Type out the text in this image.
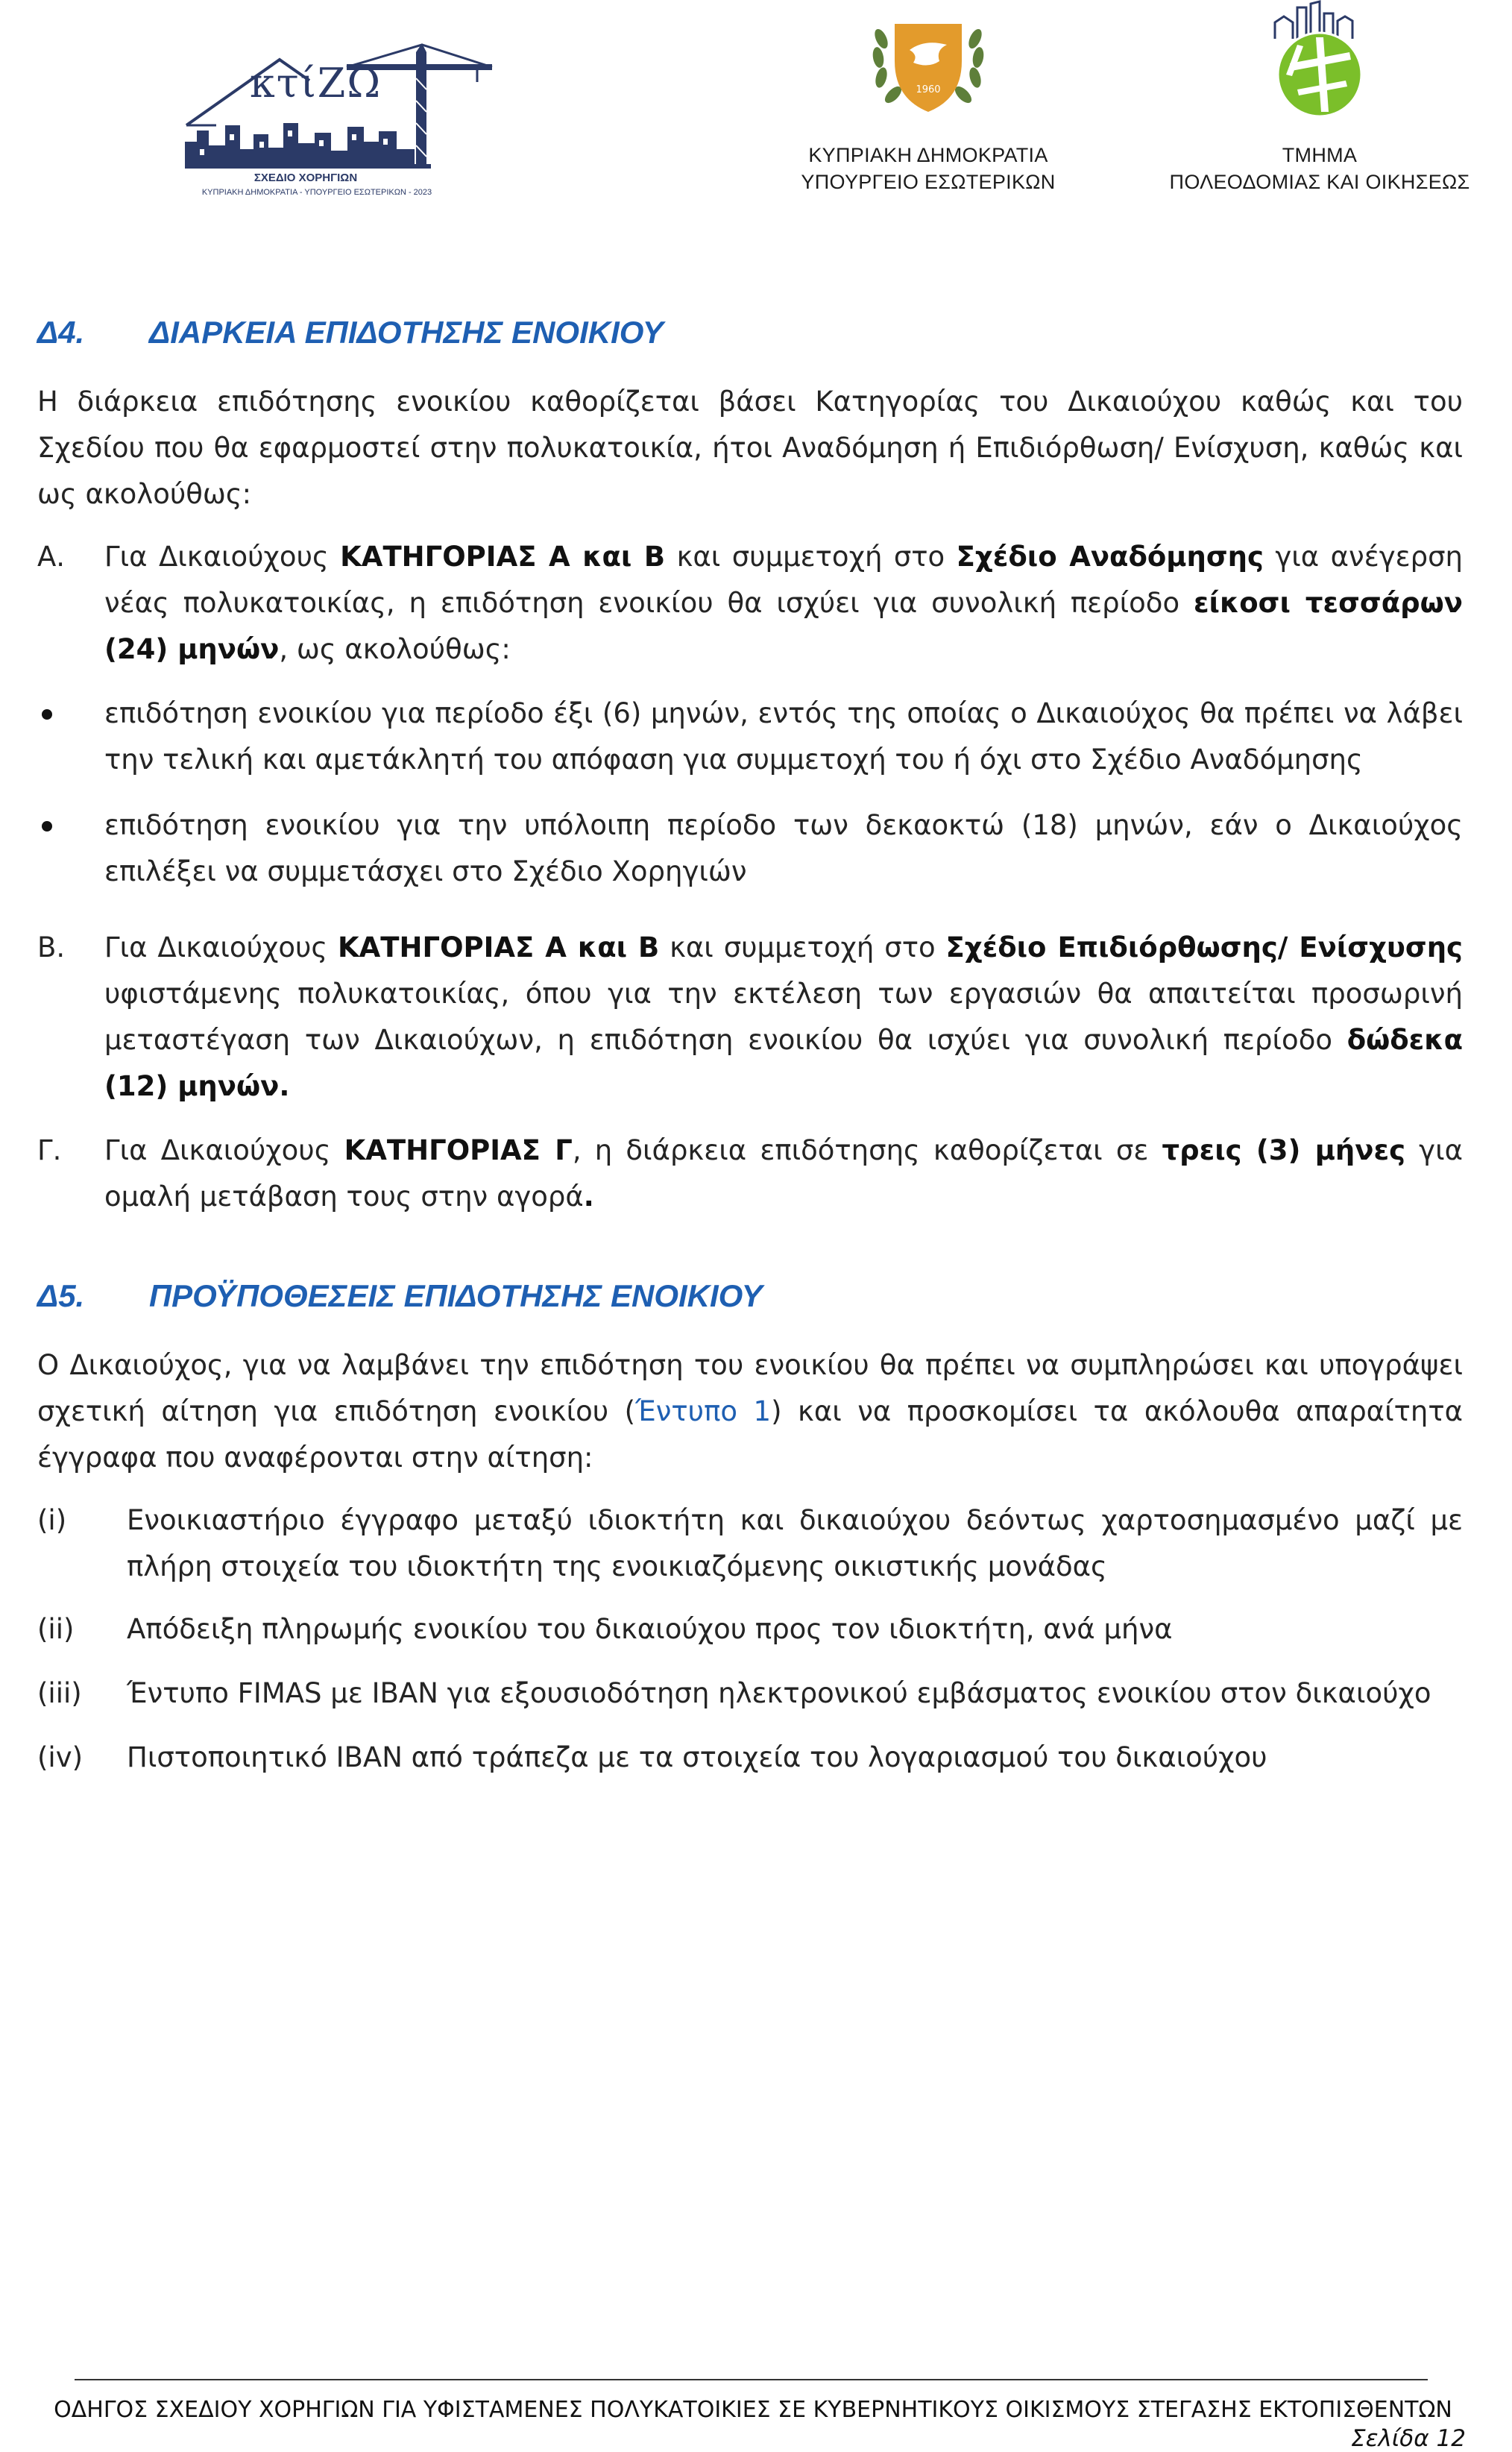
κτίΖΩ
ΣΧΕΔΙΟ ΧΟΡΗΓΙΩΝ
ΚΥΠΡΙΑΚΗ ΔΗΜΟΚΡΑΤΙΑ - ΥΠΟΥΡΓΕΙΟ ΕΣΩΤΕΡΙΚΩΝ - 2023
1960
ΚΥΠΡΙΑΚΗ ΔΗΜΟΚΡΑΤΙΑ
ΥΠΟΥΡΓΕΙΟ ΕΣΩΤΕΡΙΚΩΝ
ΤΜΗΜΑ
ΠΟΛΕΟΔΟΜΙΑΣ ΚΑΙ ΟΙΚΗΣΕΩΣ
Δ4. ΔΙΑΡΚΕΙΑ ΕΠΙΔΟΤΗΣΗΣ ΕΝΟΙΚΙΟΥ
Η διάρκεια επιδότησης ενοικίου καθορίζεται βάσει Κατηγορίας του Δικαιούχου καθώς και του Σχεδίου που θα εφαρμοστεί στην πολυκατοικία, ήτοι Αναδόμηση ή Επιδιόρθωση/ Ενίσχυση, καθώς και ως ακολούθως:
Α. Για Δικαιούχους ΚΑΤΗΓΟΡΙΑΣ Α και Β και συμμετοχή στο Σχέδιο Αναδόμησης για ανέγερση νέας πολυκατοικίας, η επιδότηση ενοικίου θα ισχύει για συνολική περίοδο είκοσι τεσσάρων (24) μηνών, ως ακολούθως:
επιδότηση ενοικίου για περίοδο έξι (6) μηνών, εντός της οποίας ο Δικαιούχος θα πρέπει να λάβει την τελική και αμετάκλητή του απόφαση για συμμετοχή του ή όχι στο Σχέδιο Αναδόμησης
επιδότηση ενοικίου για την υπόλοιπη περίοδο των δεκαοκτώ (18) μηνών, εάν ο Δικαιούχος επιλέξει να συμμετάσχει στο Σχέδιο Χορηγιών
Β. Για Δικαιούχους ΚΑΤΗΓΟΡΙΑΣ Α και Β και συμμετοχή στο Σχέδιο Επιδιόρθωσης/ Ενίσχυσης υφιστάμενης πολυκατοικίας, όπου για την εκτέλεση των εργασιών θα απαιτείται προσωρινή μεταστέγαση των Δικαιούχων, η επιδότηση ενοικίου θα ισχύει για συνολική περίοδο δώδεκα (12) μηνών.
Γ. Για Δικαιούχους ΚΑΤΗΓΟΡΙΑΣ Γ, η διάρκεια επιδότησης καθορίζεται σε τρεις (3) μήνες για ομαλή μετάβαση τους στην αγορά.
Δ5. ΠΡΟΫΠΟΘΕΣΕΙΣ ΕΠΙΔΟΤΗΣΗΣ ΕΝΟΙΚΙΟΥ
Ο Δικαιούχος, για να λαμβάνει την επιδότηση του ενοικίου θα πρέπει να συμπληρώσει και υπογράψει σχετική αίτηση για επιδότηση ενοικίου (Έντυπο 1) και να προσκομίσει τα ακόλουθα απαραίτητα έγγραφα που αναφέρονται στην αίτηση:
(i) Ενοικιαστήριο έγγραφο μεταξύ ιδιοκτήτη και δικαιούχου δεόντως χαρτοσημασμένο μαζί με πλήρη στοιχεία του ιδιοκτήτη της ενοικιαζόμενης οικιστικής μονάδας
(ii) Απόδειξη πληρωμής ενοικίου του δικαιούχου προς τον ιδιοκτήτη, ανά μήνα
(iii) Έντυπο FIMAS με IBAN για εξουσιοδότηση ηλεκτρονικού εμβάσματος ενοικίου στον δικαιούχο
(iv) Πιστοποιητικό IBAN από τράπεζα με τα στοιχεία του λογαριασμού του δικαιούχου
ΟΔΗΓΟΣ ΣΧΕΔΙΟΥ ΧΟΡΗΓΙΩΝ ΓΙΑ ΥΦΙΣΤΑΜΕΝΕΣ ΠΟΛΥΚΑΤΟΙΚΙΕΣ ΣΕ ΚΥΒΕΡΝΗΤΙΚΟΥΣ ΟΙΚΙΣΜΟΥΣ ΣΤΕΓΑΣΗΣ ΕΚΤΟΠΙΣΘΕΝΤΩΝ
Σελίδα 12
